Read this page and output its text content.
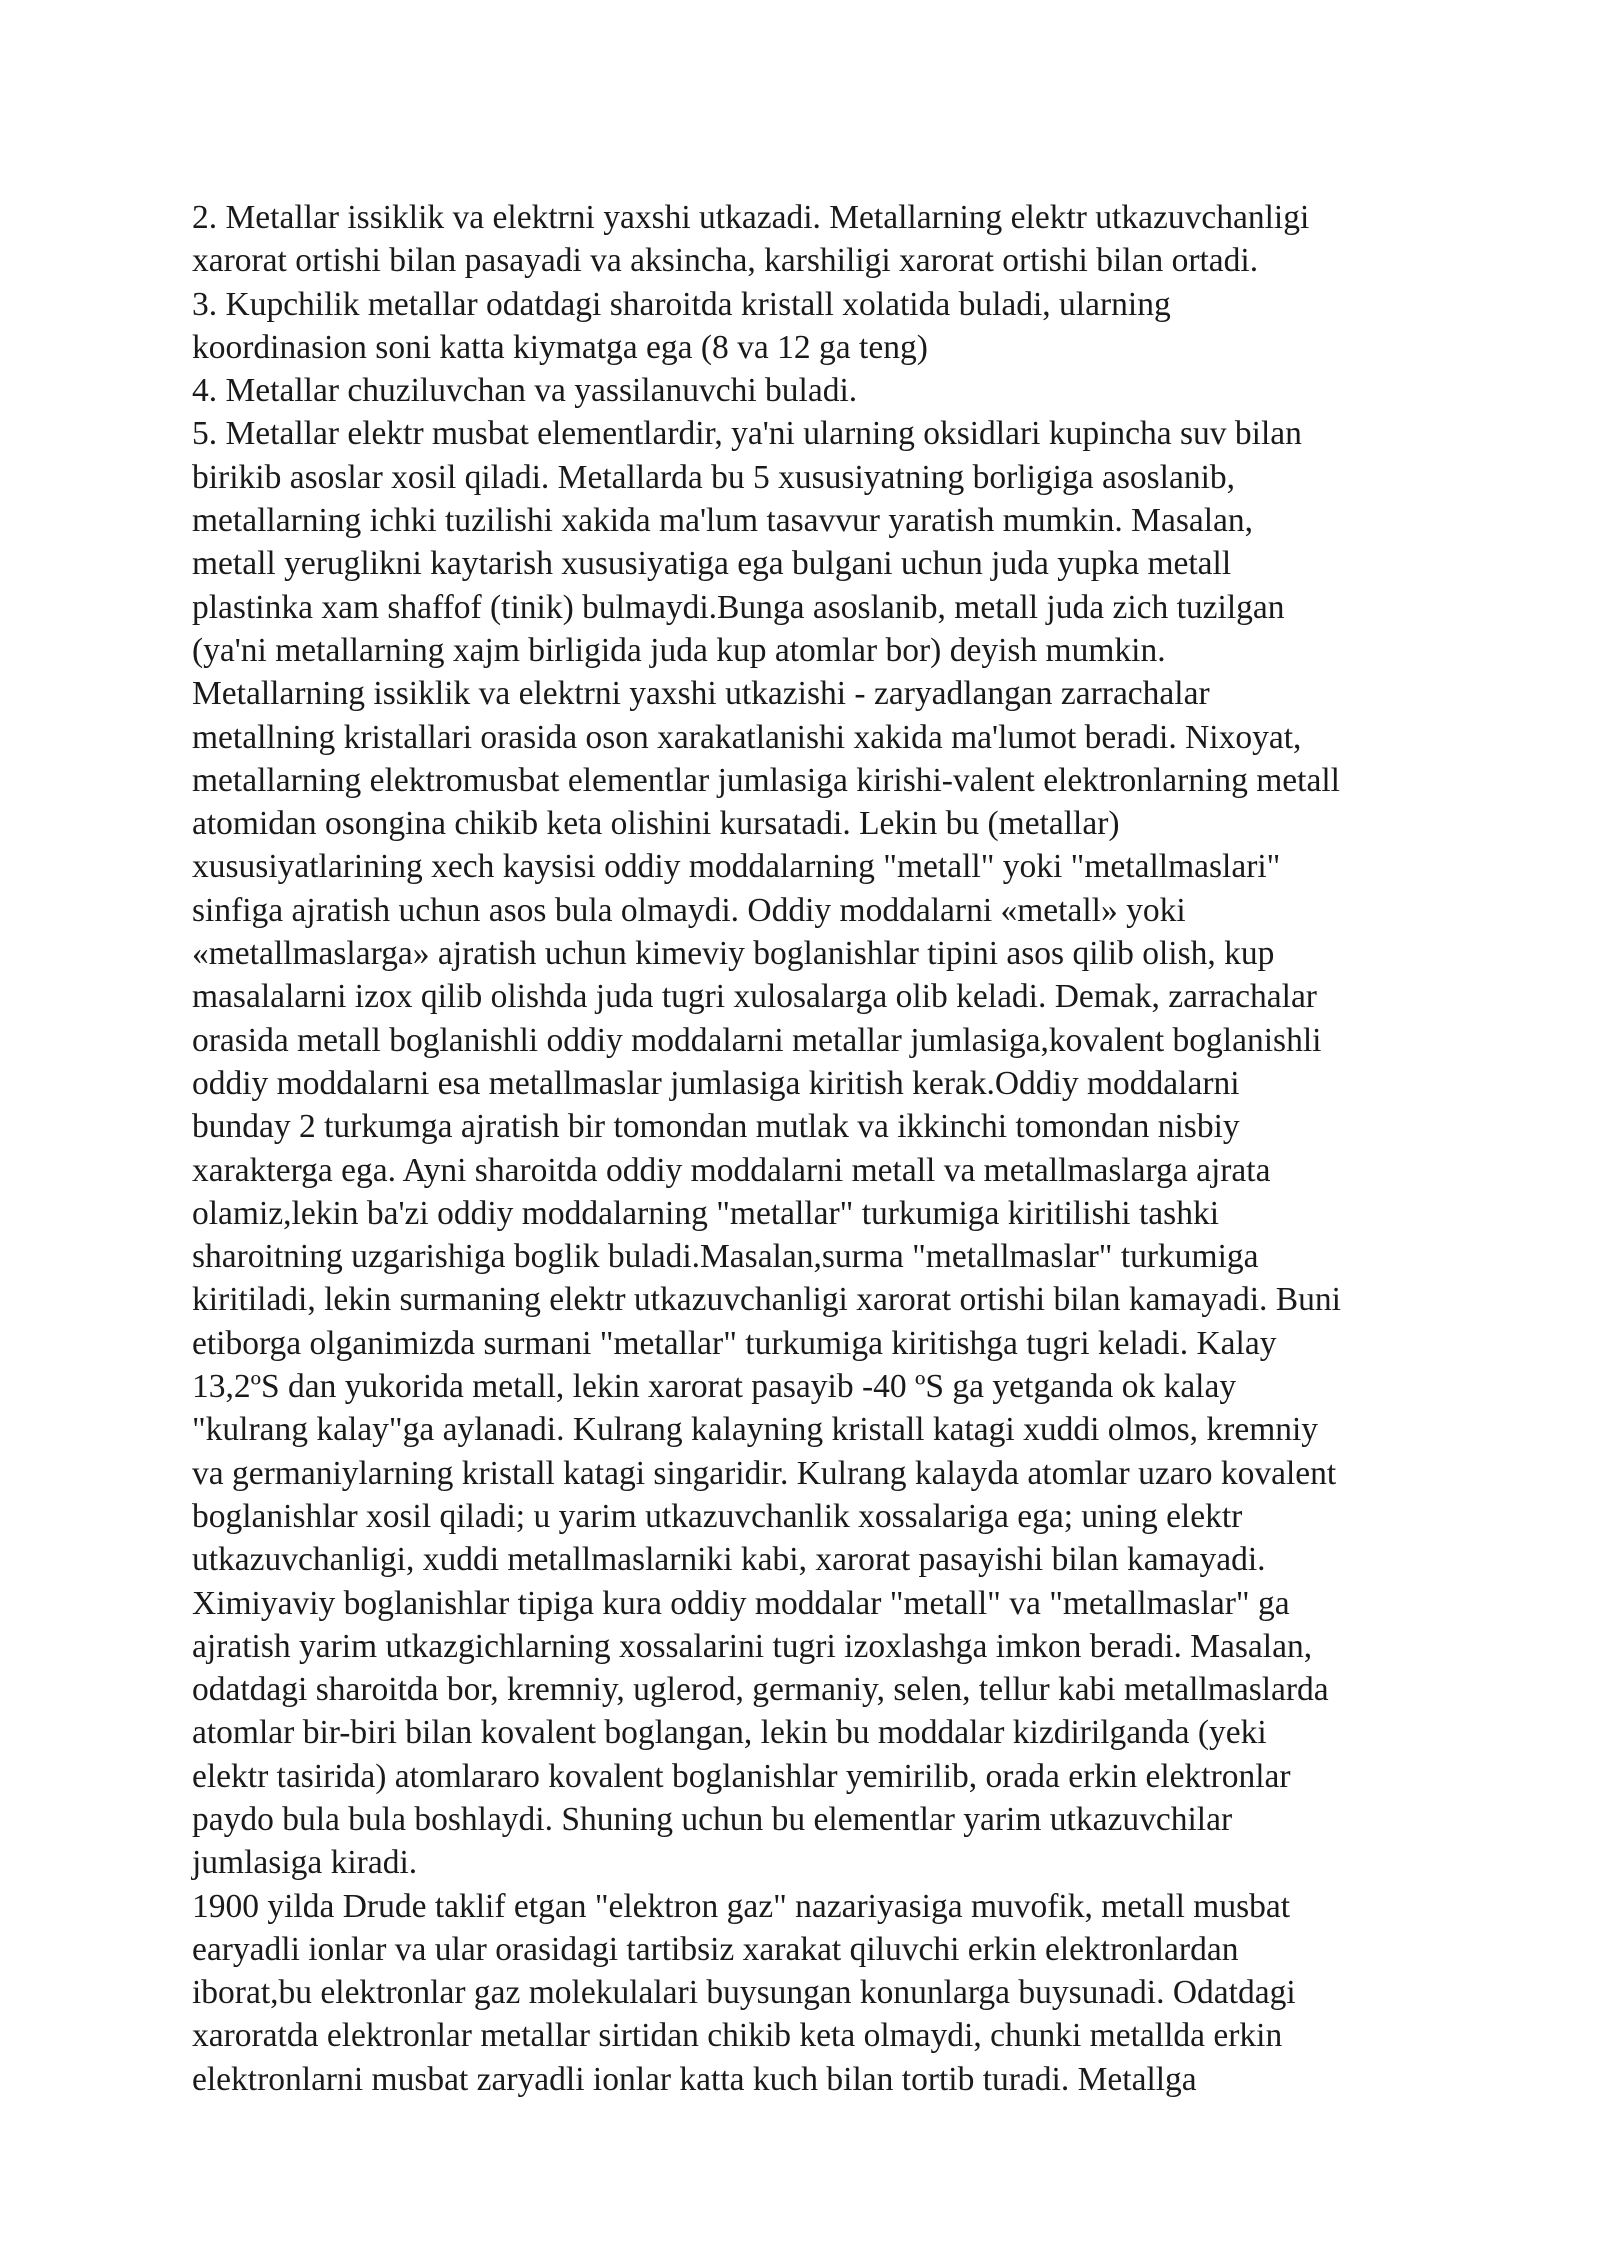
2. Metallar issiklik va elektrni yaxshi utkazadi. Metallarning elektr utkazuvchanligi
xarorat ortishi bilan pasayadi va aksincha, karshiligi xarorat ortishi bilan ortadi.
3. Kupchilik metallar odatdagi sharoitda kristall xolatida buladi, ularning
koordinasion soni katta kiymatga ega (8 va 12 ga teng)
4. Metallar chuziluvchan va yassilanuvchi buladi.
5. Metallar elektr musbat elementlardir, ya'ni ularning oksidlari kupincha suv bilan
birikib asoslar xosil qiladi. Metallarda bu 5 xususiyatning borligiga asoslanib,
metallarning ichki tuzilishi xakida ma'lum tasavvur yaratish mumkin. Masalan,
metall yeruglikni kaytarish xususiyatiga ega bulgani uchun juda yupka metall
plastinka xam shaffof (tinik) bulmaydi.Bunga asoslanib, metall juda zich tuzilgan
(ya'ni metallarning xajm birligida juda kup atomlar bor) deyish mumkin.
Metallarning issiklik va elektrni yaxshi utkazishi - zaryadlangan zarrachalar
metallning kristallari orasida oson xarakatlanishi xakida ma'lumot beradi. Nixoyat,
metallarning elektromusbat elementlar jumlasiga kirishi-valent elektronlarning metall
atomidan osongina chikib keta olishini kursatadi. Lekin bu (metallar)
xususiyatlarining xech kaysisi oddiy moddalarning "metall" yoki "metallmaslari"
sinfiga ajratish uchun asos bula olmaydi. Oddiy moddalarni «metall» yoki
«metallmaslarga» ajratish uchun kimeviy boglanishlar tipini asos qilib olish, kup
masalalarni izox qilib olishda juda tugri xulosalarga olib keladi. Demak, zarrachalar
orasida metall boglanishli oddiy moddalarni metallar jumlasiga,kovalent boglanishli
oddiy moddalarni esa metallmaslar jumlasiga kiritish kerak.Oddiy moddalarni
bunday 2 turkumga ajratish bir tomondan mutlak va ikkinchi tomondan nisbiy
xarakterga ega. Ayni sharoitda oddiy moddalarni metall va metallmaslarga ajrata
olamiz,lekin ba'zi oddiy moddalarning "metallar" turkumiga kiritilishi tashki
sharoitning uzgarishiga boglik buladi.Masalan,surma "metallmaslar" turkumiga
kiritiladi, lekin surmaning elektr utkazuvchanligi xarorat ortishi bilan kamayadi. Buni
etiborga olganimizda surmani "metallar" turkumiga kiritishga tugri keladi. Kalay
13,2ºS dan yukorida metall, lekin xarorat pasayib -40 ºS ga yetganda ok kalay
"kulrang kalay"ga aylanadi. Kulrang kalayning kristall katagi xuddi olmos, kremniy
va germaniylarning kristall katagi singaridir. Kulrang kalayda atomlar uzaro kovalent
boglanishlar xosil qiladi; u yarim utkazuvchanlik xossalariga ega; uning elektr
utkazuvchanligi, xuddi metallmaslarniki kabi, xarorat pasayishi bilan kamayadi.
Ximiyaviy boglanishlar tipiga kura oddiy moddalar "metall" va "metallmaslar" ga
ajratish yarim utkazgichlarning xossalarini tugri izoxlashga imkon beradi. Masalan,
odatdagi sharoitda bor, kremniy, uglerod, germaniy, selen, tellur kabi metallmaslarda
atomlar bir-biri bilan kovalent boglangan, lekin bu moddalar kizdirilganda (yeki
elektr tasirida) atomlararo kovalent boglanishlar yemirilib, orada erkin elektronlar
paydo bula bula boshlaydi. Shuning uchun bu elementlar yarim utkazuvchilar
jumlasiga kiradi.
1900 yilda Drude taklif etgan "elektron gaz" nazariyasiga muvofik, metall musbat
earyadli ionlar va ular orasidagi tartibsiz xarakat qiluvchi erkin elektronlardan
iborat,bu elektronlar gaz molekulalari buysungan konunlarga buysunadi. Odatdagi
xaroratda elektronlar metallar sirtidan chikib keta olmaydi, chunki metallda erkin
elektronlarni musbat zaryadli ionlar katta kuch bilan tortib turadi. Metallga
